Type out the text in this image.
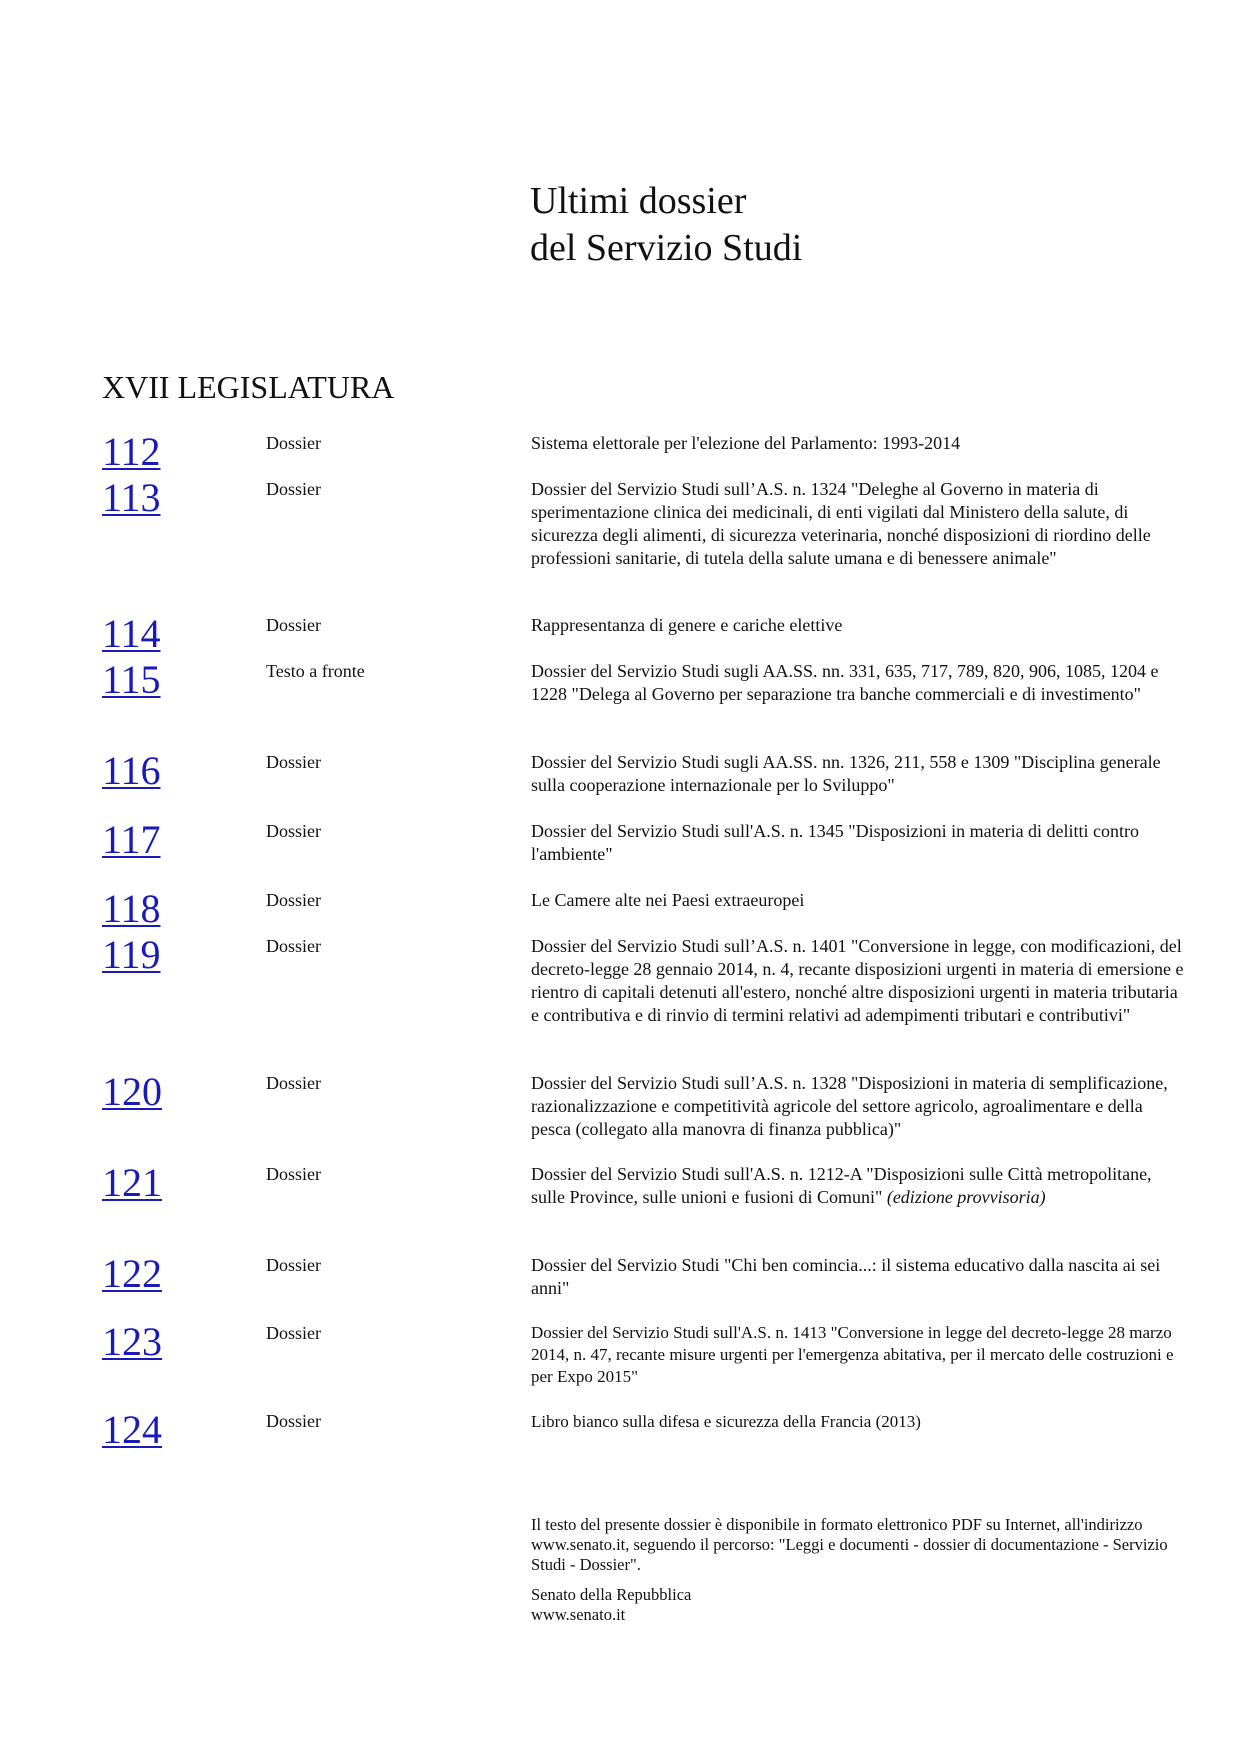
Ultimi dossier
del Servizio Studi
XVII LEGISLATURA
112	Dossier	Sistema elettorale per l'elezione del Parlamento: 1993-2014
113	Dossier	Dossier del Servizio Studi sull’A.S. n. 1324 "Deleghe al Governo in materia di sperimentazione clinica dei medicinali, di enti vigilati dal Ministero della salute, di sicurezza degli alimenti, di sicurezza veterinaria, nonché disposizioni di riordino delle professioni sanitarie, di tutela della salute umana e di benessere animale"
114	Dossier	Rappresentanza di genere e cariche elettive
115	Testo a fronte	Dossier del Servizio Studi sugli AA.SS. nn. 331, 635, 717, 789, 820, 906, 1085, 1204 e 1228 "Delega al Governo per separazione tra banche commerciali e di investimento"
116	Dossier	Dossier del Servizio Studi sugli AA.SS. nn. 1326, 211, 558 e 1309 "Disciplina generale sulla cooperazione internazionale per lo Sviluppo"
117	Dossier	Dossier del Servizio Studi sull'A.S. n. 1345 "Disposizioni in materia di delitti contro l'ambiente"
118	Dossier	Le Camere alte nei Paesi extraeuropei
119	Dossier	Dossier del Servizio Studi sull’A.S. n. 1401 "Conversione in legge, con modificazioni, del decreto-legge 28 gennaio 2014, n. 4, recante disposizioni urgenti in materia di emersione e rientro di capitali detenuti all'estero, nonché altre disposizioni urgenti in materia tributaria e contributiva e di rinvio di termini relativi ad adempimenti tributari e contributivi"
120	Dossier	Dossier del Servizio Studi sull’A.S. n. 1328 "Disposizioni in materia di semplificazione, razionalizzazione e competitività agricole del settore agricolo, agroalimentare e della pesca (collegato alla manovra di finanza pubblica)"
121	Dossier	Dossier del Servizio Studi sull'A.S. n. 1212-A "Disposizioni sulle Città metropolitane, sulle Province, sulle unioni e fusioni di Comuni" (edizione provvisoria)
122	Dossier	Dossier del Servizio Studi "Chi ben comincia...: il sistema educativo dalla nascita ai sei anni"
123	Dossier	Dossier del Servizio Studi sull'A.S. n. 1413 "Conversione in legge del decreto-legge 28 marzo 2014, n. 47, recante misure urgenti per l'emergenza abitativa, per il mercato delle costruzioni e per Expo 2015"
124	Dossier	Libro bianco sulla difesa e sicurezza della Francia (2013)

Il testo del presente dossier è disponibile in formato elettronico PDF su Internet, all'indirizzo www.senato.it, seguendo il percorso: "Leggi e documenti - dossier di documentazione - Servizio Studi - Dossier".

Senato della Repubblica

www.senato.it
